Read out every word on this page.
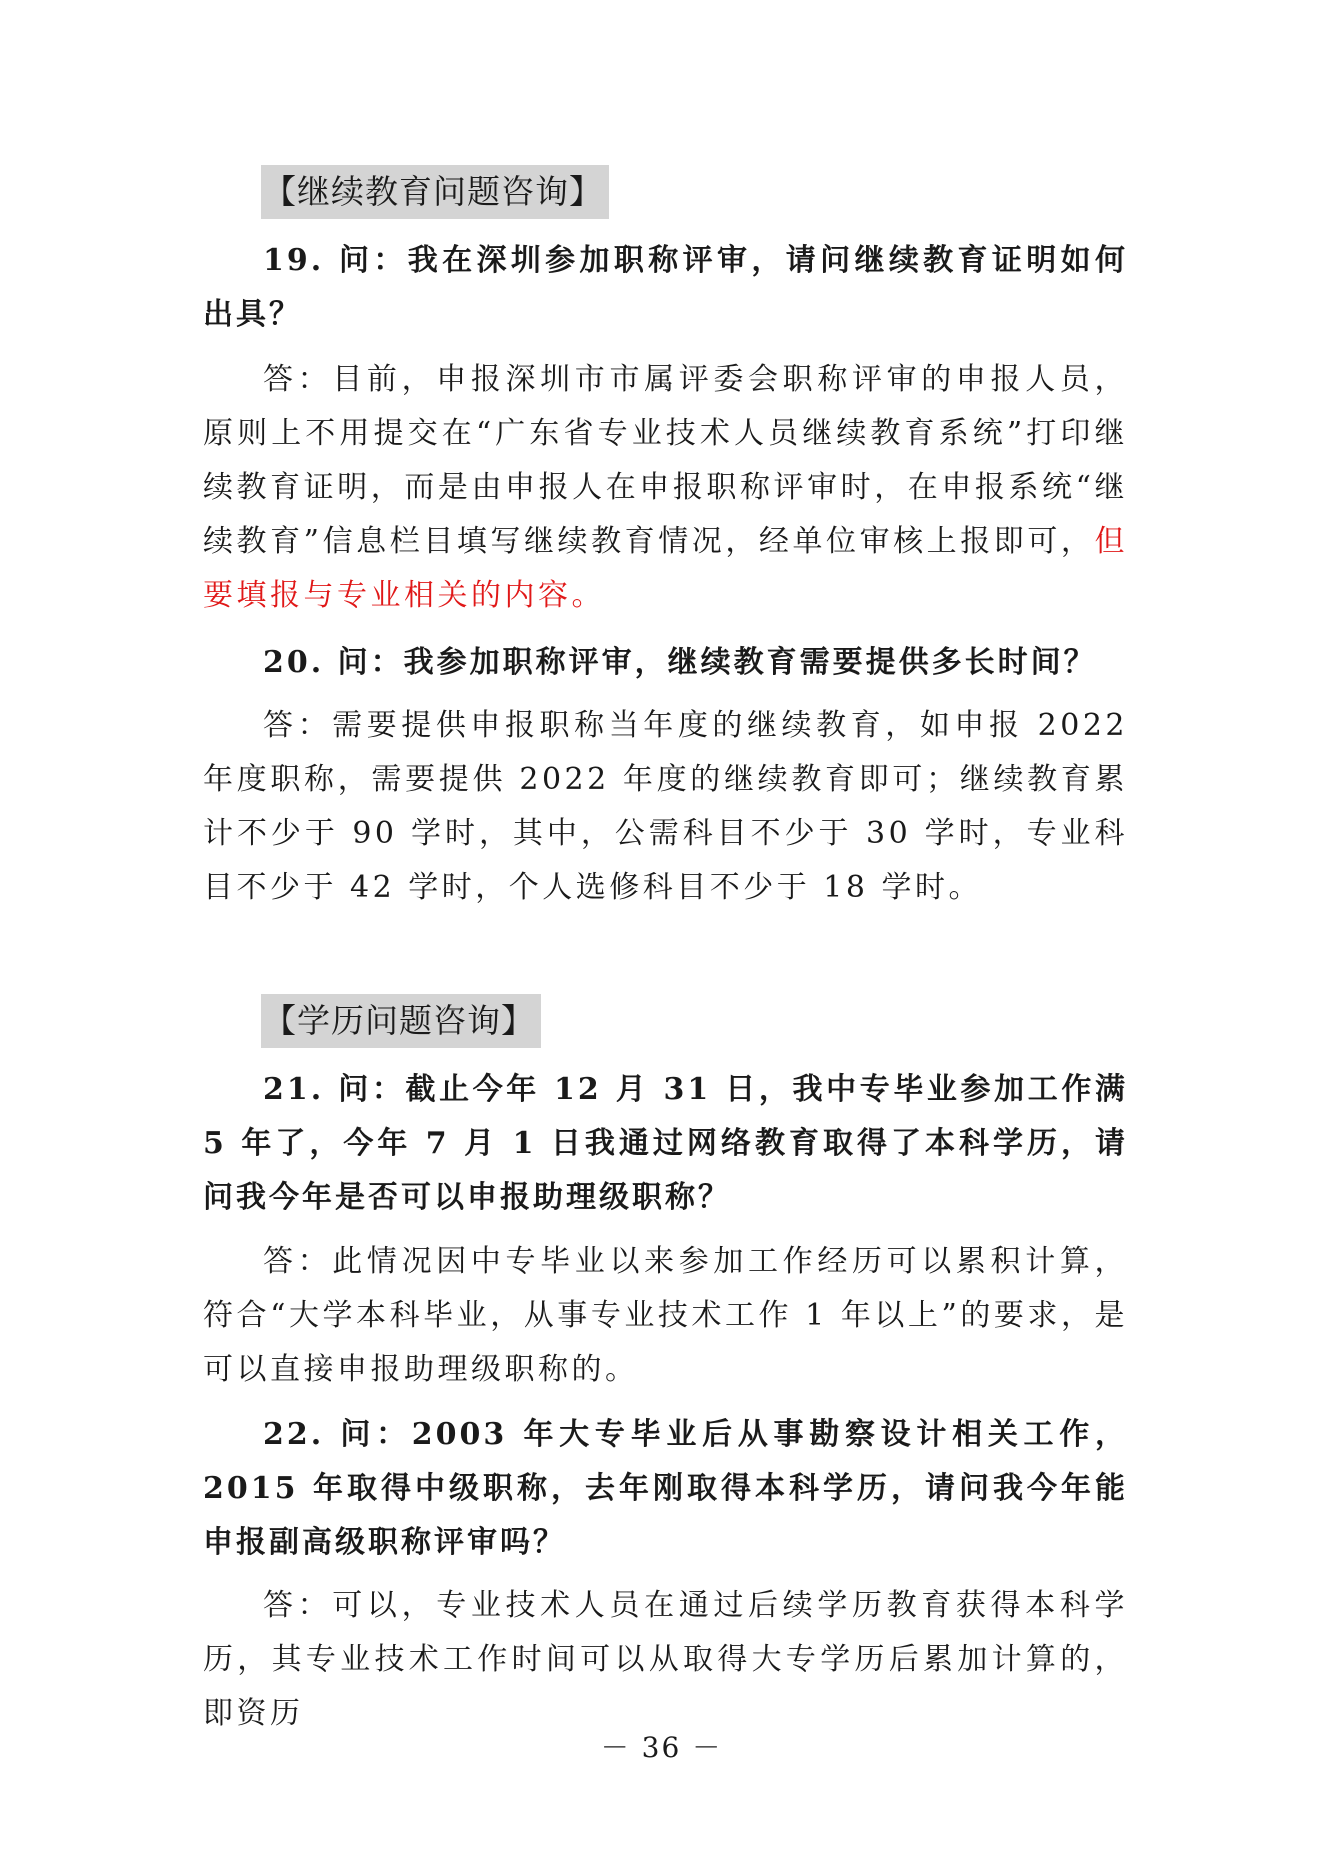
【继续教育问题咨询】

19. 问：我在深圳参加职称评审，请问继续教育证明如何出具？

答：目前，申报深圳市市属评委会职称评审的申报人员，原则上不用提交在“广东省专业技术人员继续教育系统”打印继续教育证明，而是由申报人在申报职称评审时，在申报系统“继续教育”信息栏目填写继续教育情况，经单位审核上报即可，但要填报与专业相关的内容。

20. 问：我参加职称评审，继续教育需要提供多长时间？

答：需要提供申报职称当年度的继续教育，如申报 2022 年度职称，需要提供 2022 年度的继续教育即可；继续教育累计不少于 90 学时，其中，公需科目不少于 30 学时，专业科目不少于 42 学时，个人选修科目不少于 18 学时。

【学历问题咨询】

21. 问：截止今年 12 月 31 日，我中专毕业参加工作满 5 年了，今年 7 月 1 日我通过网络教育取得了本科学历，请问我今年是否可以申报助理级职称？

答：此情况因中专毕业以来参加工作经历可以累积计算，符合“大学本科毕业，从事专业技术工作 1 年以上”的要求，是可以直接申报助理级职称的。

22. 问：2003 年大专毕业后从事勘察设计相关工作，2015 年取得中级职称，去年刚取得本科学历，请问我今年能申报副高级职称评审吗？

答：可以，专业技术人员在通过后续学历教育获得本科学历，其专业技术工作时间可以从取得大专学历后累加计算的，即资历

－ 36 －
